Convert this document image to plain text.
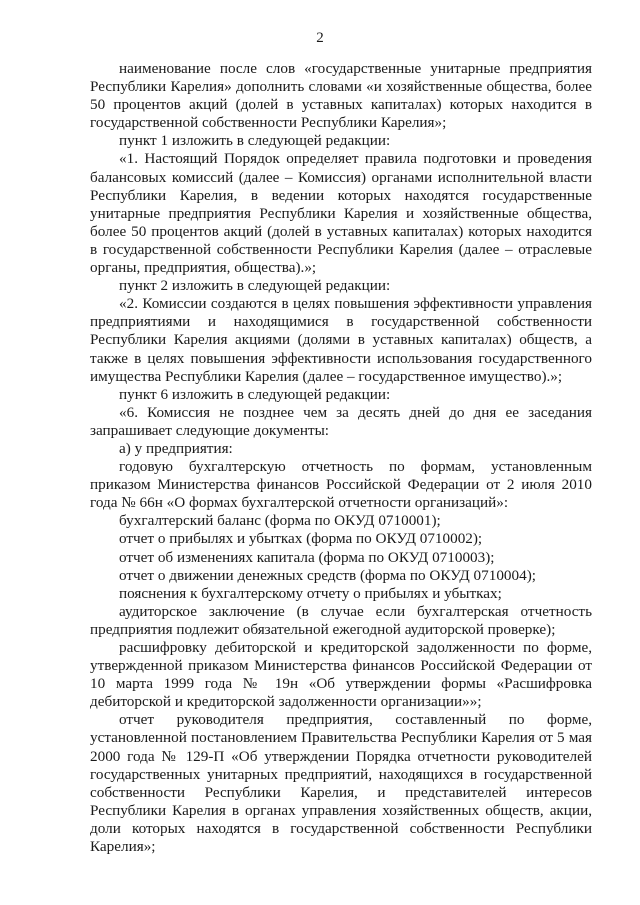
2

наименование после слов «государственные унитарные предприятия Республики Карелия» дополнить словами «и хозяйственные общества, более 50 процентов акций (долей в уставных капиталах) которых находится в государственной собственности Республики Карелия»;

пункт 1 изложить в следующей редакции:

«1. Настоящий Порядок определяет правила подготовки и проведения балансовых комиссий (далее – Комиссия) органами исполнительной власти Республики Карелия, в ведении которых находятся государственные унитарные предприятия Республики Карелия и хозяйственные общества, более 50 процентов акций (долей в уставных капиталах) которых находится в государственной собственности Республики Карелия (далее – отраслевые органы, предприятия, общества).»;

пункт 2 изложить в следующей редакции:

«2. Комиссии создаются в целях повышения эффективности управления предприятиями и находящимися в государственной собственности Республики Карелия акциями (долями в уставных капиталах) обществ, а также в целях повышения эффективности использования государственного имущества Республики Карелия (далее – государственное имущество).»;

пункт 6 изложить в следующей редакции:

«6. Комиссия не позднее чем за десять дней до дня ее заседания запрашивает следующие документы:

а) у предприятия:

годовую бухгалтерскую отчетность по формам, установленным приказом Министерства финансов Российской Федерации от 2 июля 2010 года № 66н «О формах бухгалтерской отчетности организаций»:

бухгалтерский баланс (форма по ОКУД 0710001);

отчет о прибылях и убытках (форма по ОКУД 0710002);

отчет об изменениях капитала (форма по ОКУД 0710003);

отчет о движении денежных средств (форма по ОКУД 0710004);

пояснения к бухгалтерскому отчету о прибылях и убытках;

аудиторское заключение (в случае если бухгалтерская отчетность предприятия подлежит обязательной ежегодной аудиторской проверке);

расшифровку дебиторской и кредиторской задолженности по форме, утвержденной приказом Министерства финансов Российской Федерации от 10 марта 1999 года № 19н «Об утверждении формы «Расшифровка дебиторской и кредиторской задолженности организации»»;

отчет руководителя предприятия, составленный по форме, установленной постановлением Правительства Республики Карелия от 5 мая 2000 года № 129-П «Об утверждении Порядка отчетности руководителей государственных унитарных предприятий, находящихся в государственной собственности Республики Карелия, и представителей интересов Республики Карелия в органах управления хозяйственных обществ, акции, доли которых находятся в государственной собственности Республики Карелия»;
